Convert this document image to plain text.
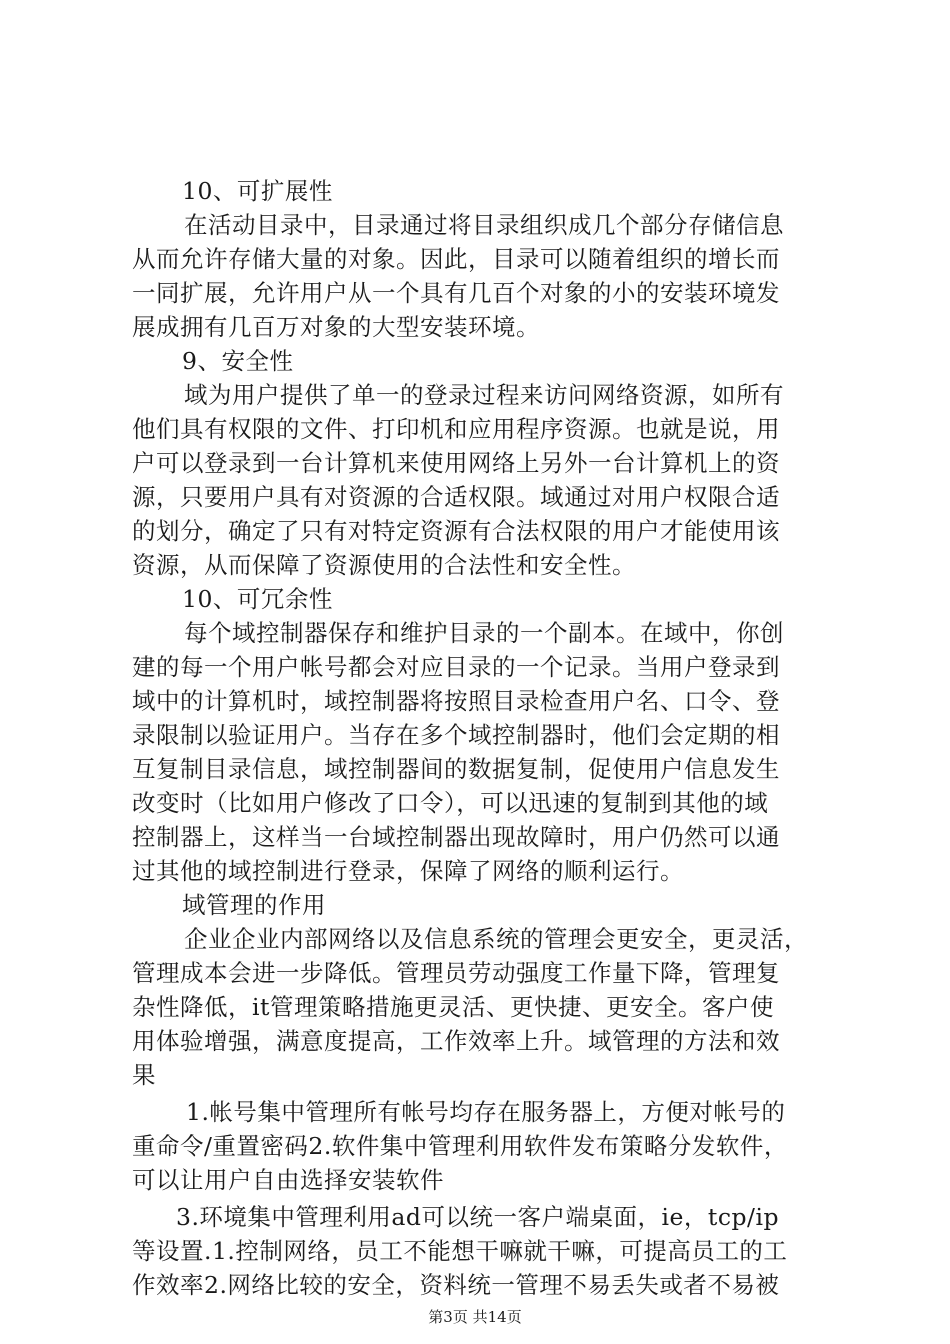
10、可扩展性
在活动目录中，目录通过将目录组织成几个部分存储信息
从而允许存储大量的对象。因此，目录可以随着组织的增长而
一同扩展，允许用户从一个具有几百个对象的小的安装环境发
展成拥有几百万对象的大型安装环境。
9、安全性
域为用户提供了单一的登录过程来访问网络资源，如所有
他们具有权限的文件、打印机和应用程序资源。也就是说，用
户可以登录到一台计算机来使用网络上另外一台计算机上的资
源，只要用户具有对资源的合适权限。域通过对用户权限合适
的划分，确定了只有对特定资源有合法权限的用户才能使用该
资源，从而保障了资源使用的合法性和安全性。
10、可冗余性
每个域控制器保存和维护目录的一个副本。在域中，你创
建的每一个用户帐号都会对应目录的一个记录。当用户登录到
域中的计算机时，域控制器将按照目录检查用户名、口令、登
录限制以验证用户。当存在多个域控制器时，他们会定期的相
互复制目录信息，域控制器间的数据复制，促使用户信息发生
改变时（比如用户修改了口令），可以迅速的复制到其他的域
控制器上，这样当一台域控制器出现故障时，用户仍然可以通
过其他的域控制进行登录，保障了网络的顺利运行。
域管理的作用
企业企业内部网络以及信息系统的管理会更安全，更灵活，
管理成本会进一步降低。管理员劳动强度工作量下降，管理复
杂性降低，it管理策略措施更灵活、更快捷、更安全。客户使
用体验增强，满意度提高，工作效率上升。域管理的方法和效
果
1.帐号集中管理所有帐号均存在服务器上，方便对帐号的
重命令/重置密码2.软件集中管理利用软件发布策略分发软件，
可以让用户自由选择安装软件
3.环境集中管理利用ad可以统一客户端桌面，ie，tcp/ip
等设置.1.控制网络，员工不能想干嘛就干嘛，可提高员工的工
作效率2.网络比较的安全，资料统一管理不易丢失或者不易被
第3页 共14页
